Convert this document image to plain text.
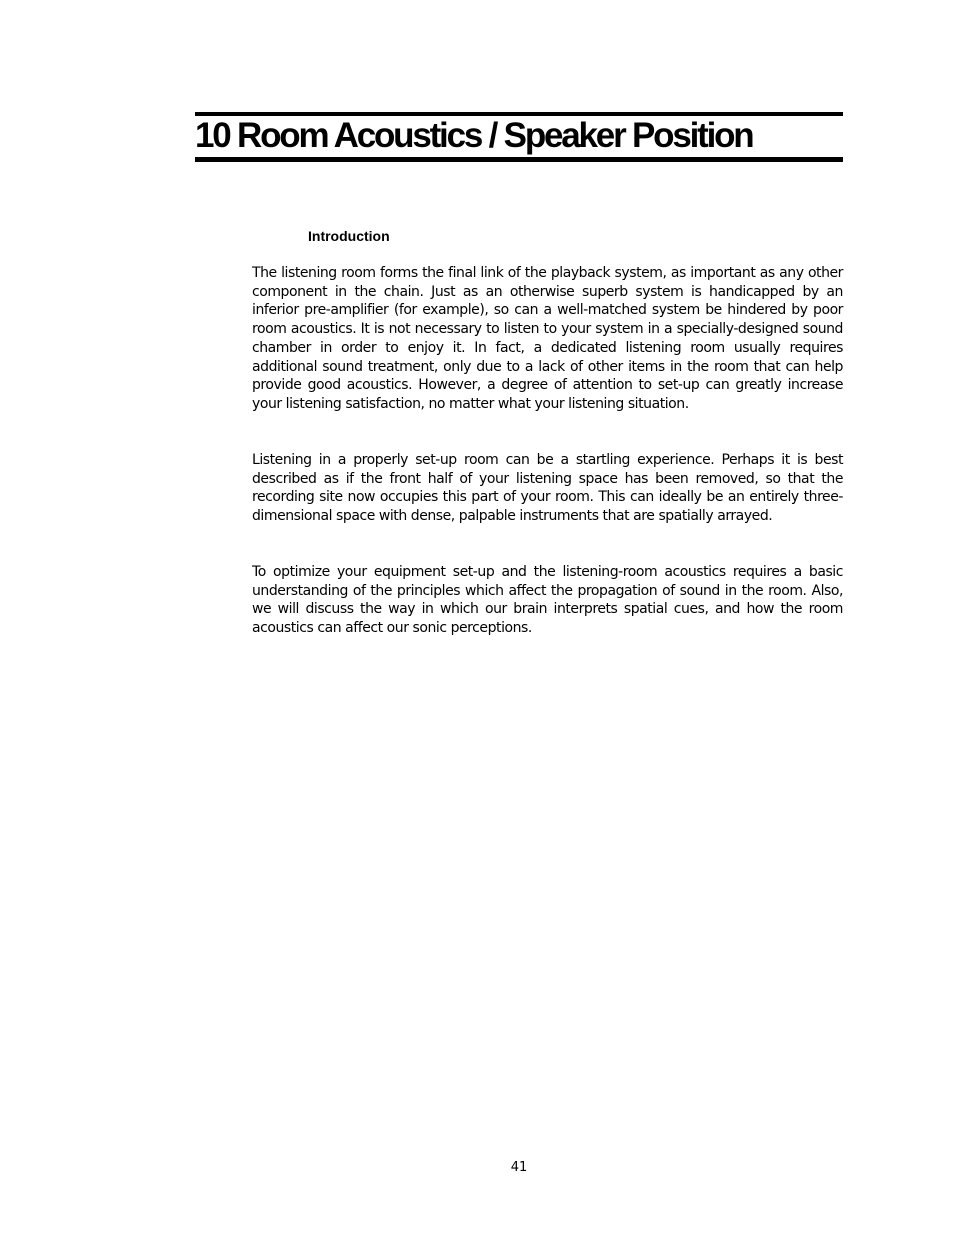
10 Room Acoustics / Speaker Position
Introduction

The listening room forms the final link of the playback system, as important as any other component in the chain. Just as an otherwise superb system is handicapped by an inferior pre-amplifier (for example), so can a well-matched system be hindered by poor room acoustics. It is not necessary to listen to your system in a specially-designed sound chamber in order to enjoy it. In fact, a dedicated listening room usually requires additional sound treatment, only due to a lack of other items in the room that can help provide good acoustics. However, a degree of attention to set-up can greatly increase your listening satisfaction, no matter what your listening situation.

Listening in a properly set-up room can be a startling experience. Perhaps it is best described as if the front half of your listening space has been removed, so that the recording site now occupies this part of your room. This can ideally be an entirely three-dimensional space with dense, palpable instruments that are spatially arrayed.

To optimize your equipment set-up and the listening-room acoustics requires a basic understanding of the principles which affect the propagation of sound in the room. Also, we will discuss the way in which our brain interprets spatial cues, and how the room acoustics can affect our sonic perceptions.

41
